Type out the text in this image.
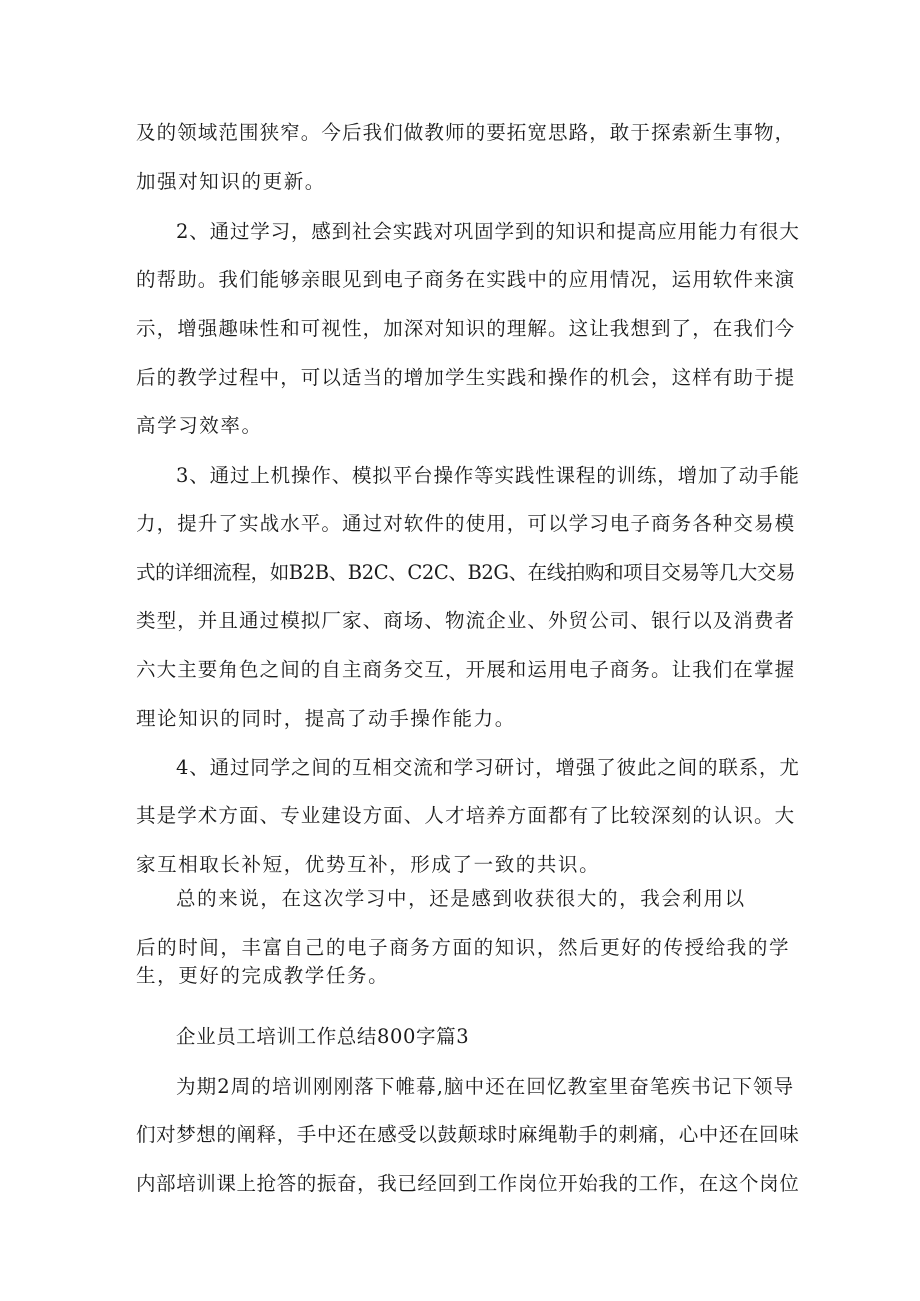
及的领域范围狭窄。今后我们做教师的要拓宽思路，敢于探索新生事物，
加强对知识的更新。
2、通过学习，感到社会实践对巩固学到的知识和提高应用能力有很大
的帮助。我们能够亲眼见到电子商务在实践中的应用情况，运用软件来演
示，增强趣味性和可视性，加深对知识的理解。这让我想到了，在我们今
后的教学过程中，可以适当的增加学生实践和操作的机会，这样有助于提
高学习效率。
3、通过上机操作、模拟平台操作等实践性课程的训练，增加了动手能
力，提升了实战水平。通过对软件的使用，可以学习电子商务各种交易模
式的详细流程，如B2B、B2C、C2C、B2G、在线拍购和项目交易等几大交易
类型，并且通过模拟厂家、商场、物流企业、外贸公司、银行以及消费者
六大主要角色之间的自主商务交互，开展和运用电子商务。让我们在掌握
理论知识的同时，提高了动手操作能力。
4、通过同学之间的互相交流和学习研讨，增强了彼此之间的联系，尤
其是学术方面、专业建设方面、人才培养方面都有了比较深刻的认识。大
家互相取长补短，优势互补，形成了一致的共识。
总的来说，在这次学习中，还是感到收获很大的，我会利用以
后的时间，丰富自己的电子商务方面的知识，然后更好的传授给我的学
生，更好的完成教学任务。
企业员工培训工作总结800字篇3
为期2周的培训刚刚落下帷幕,脑中还在回忆教室里奋笔疾书记下领导
们对梦想的阐释，手中还在感受以鼓颠球时麻绳勒手的刺痛，心中还在回味
内部培训课上抢答的振奋，我已经回到工作岗位开始我的工作，在这个岗位
